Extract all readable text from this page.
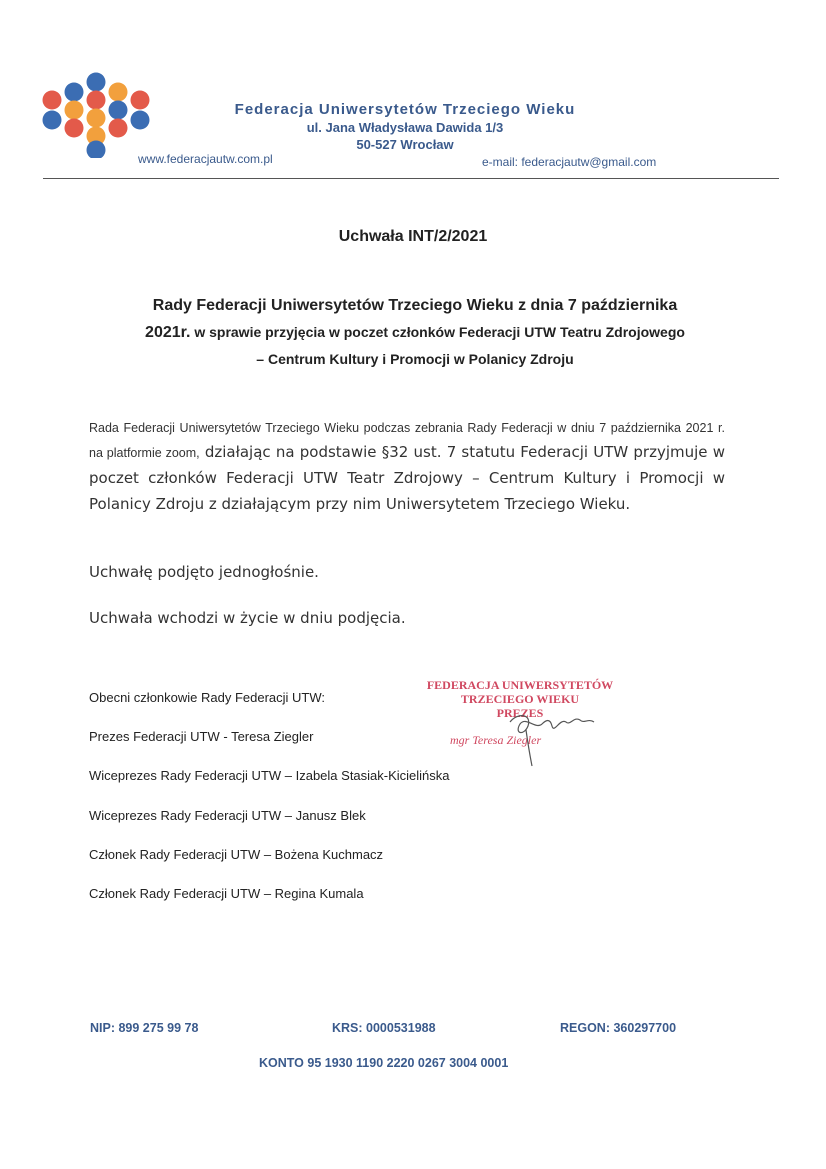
Federacja Uniwersytetów Trzeciego Wieku
ul. Jana Władysława Dawida 1/3
50-527 Wrocław
www.federacjautw.com.pl	e-mail: federacjautw@gmail.com
Uchwała INT/2/2021
Rady Federacji Uniwersytetów Trzeciego Wieku z dnia 7 października
2021r. w sprawie przyjęcia w poczet członków Federacji UTW Teatru Zdrojowego
– Centrum Kultury i Promocji w Polanicy Zdroju
Rada Federacji Uniwersytetów Trzeciego Wieku podczas zebrania Rady Federacji w dniu 7 października 2021 r. na platformie zoom, działając na podstawie §32 ust. 7 statutu Federacji UTW przyjmuje w poczet członków Federacji UTW Teatr Zdrojowy – Centrum Kultury i Promocji w Polanicy Zdroju z działającym przy nim Uniwersytetem Trzeciego Wieku.
Uchwałę podjęto jednogłośnie.
Uchwała wchodzi w życie w dniu podjęcia.
Obecni członkowie Rady Federacji UTW:
Prezes Federacji UTW - Teresa Ziegler
Wiceprezes Rady Federacji UTW – Izabela Stasiak-Kicielińska
Wiceprezes Rady Federacji UTW – Janusz Blek
Członek Rady Federacji UTW – Bożena Kuchmacz
Członek Rady Federacji UTW – Regina Kumala
FEDERACJA UNIWERSYTETÓW
TRZECIEGO WIEKU
PREZES
mgr Teresa Ziegler
NIP: 899 275 99 78	KRS: 0000531988	REGON: 360297700
KONTO 95 1930 1190 2220 0267 3004 0001
